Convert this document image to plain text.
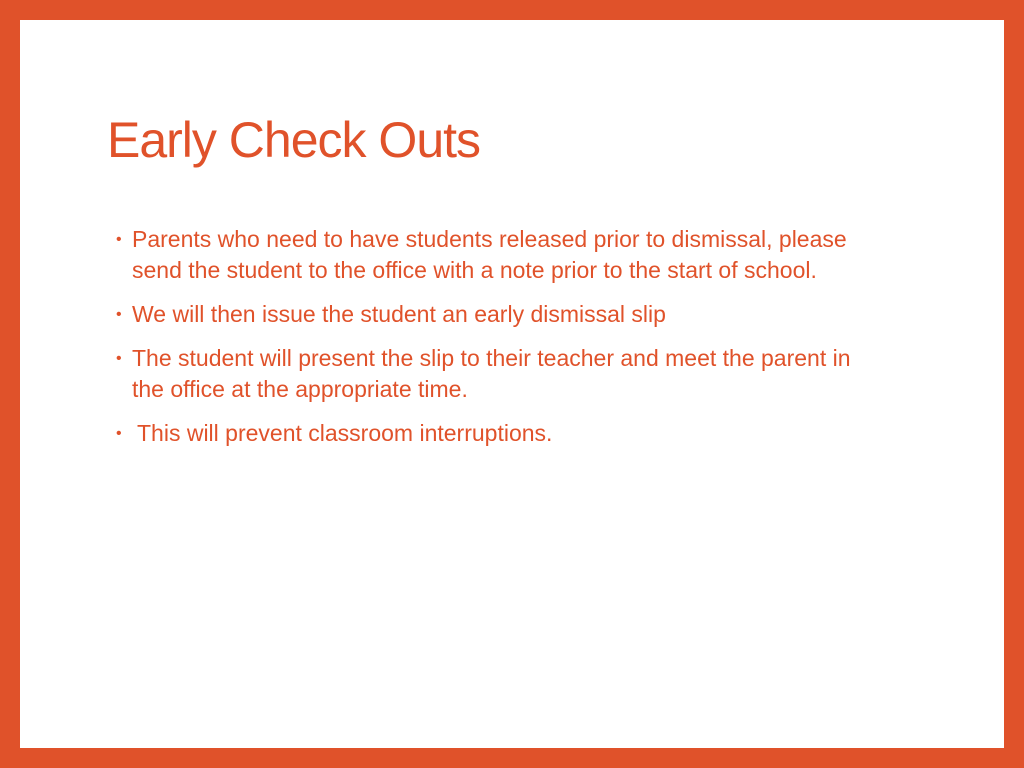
Early Check Outs
• Parents who need to have students released prior to dismissal, please send the student to the office with a note prior to the start of school.
• We will then issue the student an early dismissal slip
• The student will present the slip to their teacher and meet the parent in the office at the appropriate time.
• This will prevent classroom interruptions.
